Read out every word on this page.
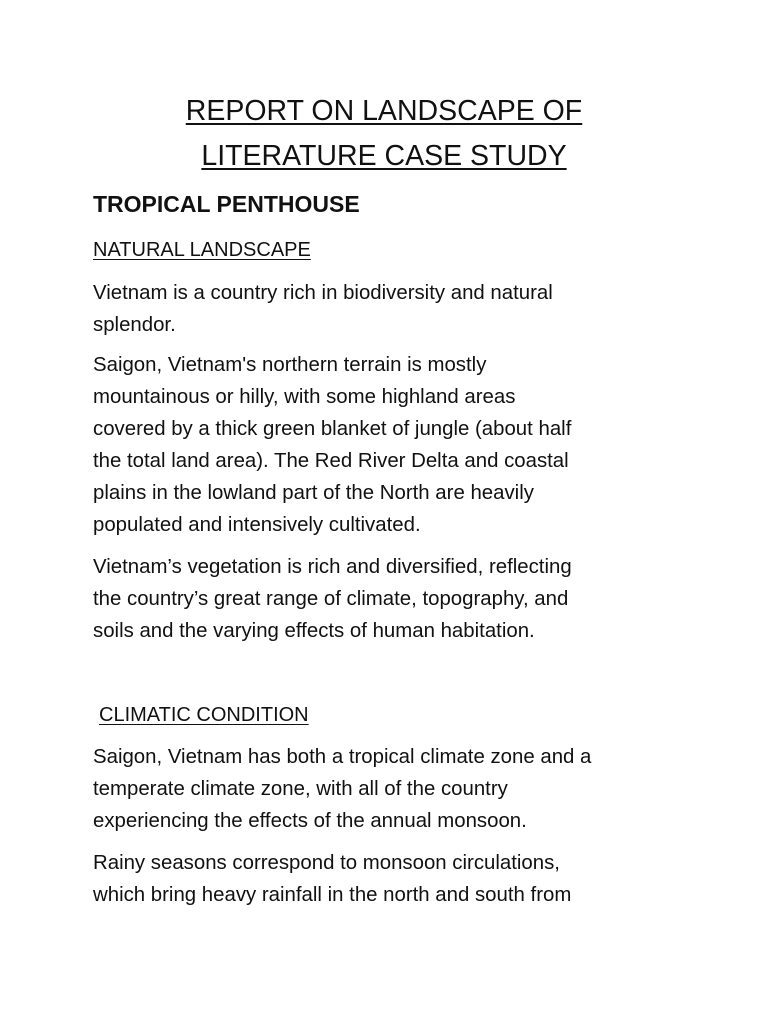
REPORT ON LANDSCAPE OF
LITERATURE CASE STUDY
TROPICAL PENTHOUSE
NATURAL LANDSCAPE
Vietnam is a country rich in biodiversity and natural
splendor.
Saigon, Vietnam's northern terrain is mostly
mountainous or hilly, with some highland areas
covered by a thick green blanket of jungle (about half
the total land area). The Red River Delta and coastal
plains in the lowland part of the North are heavily
populated and intensively cultivated.
Vietnam’s vegetation is rich and diversified, reflecting
the country’s great range of climate, topography, and
soils and the varying effects of human habitation.
CLIMATIC CONDITION
Saigon, Vietnam has both a tropical climate zone and a
temperate climate zone, with all of the country
experiencing the effects of the annual monsoon.
Rainy seasons correspond to monsoon circulations,
which bring heavy rainfall in the north and south from
